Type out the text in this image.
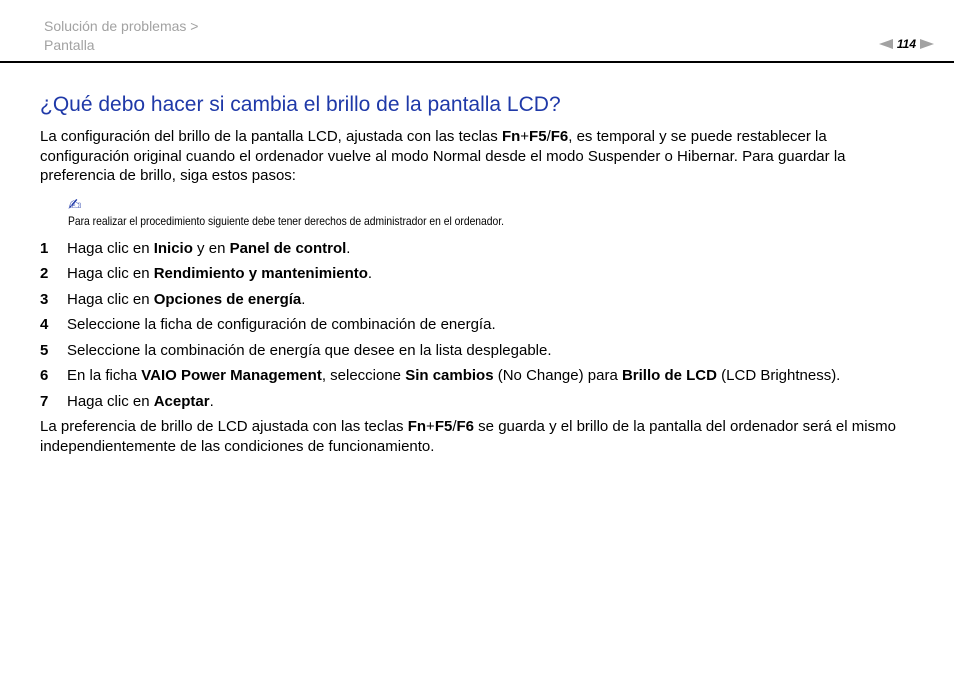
Solución de problemas >
Pantalla	114
¿Qué debo hacer si cambia el brillo de la pantalla LCD?

La configuración del brillo de la pantalla LCD, ajustada con las teclas Fn+F5/F6, es temporal y se puede restablecer la configuración original cuando el ordenador vuelve al modo Normal desde el modo Suspender o Hibernar. Para guardar la preferencia de brillo, siga estos pasos:

✍
Para realizar el procedimiento siguiente debe tener derechos de administrador en el ordenador.
1	Haga clic en Inicio y en Panel de control.
2	Haga clic en Rendimiento y mantenimiento.
3	Haga clic en Opciones de energía.
4	Seleccione la ficha de configuración de combinación de energía.
5	Seleccione la combinación de energía que desee en la lista desplegable.
6	En la ficha VAIO Power Management, seleccione Sin cambios (No Change) para Brillo de LCD (LCD Brightness).
7	Haga clic en Aceptar.

La preferencia de brillo de LCD ajustada con las teclas Fn+F5/F6 se guarda y el brillo de la pantalla del ordenador será el mismo independientemente de las condiciones de funcionamiento.
